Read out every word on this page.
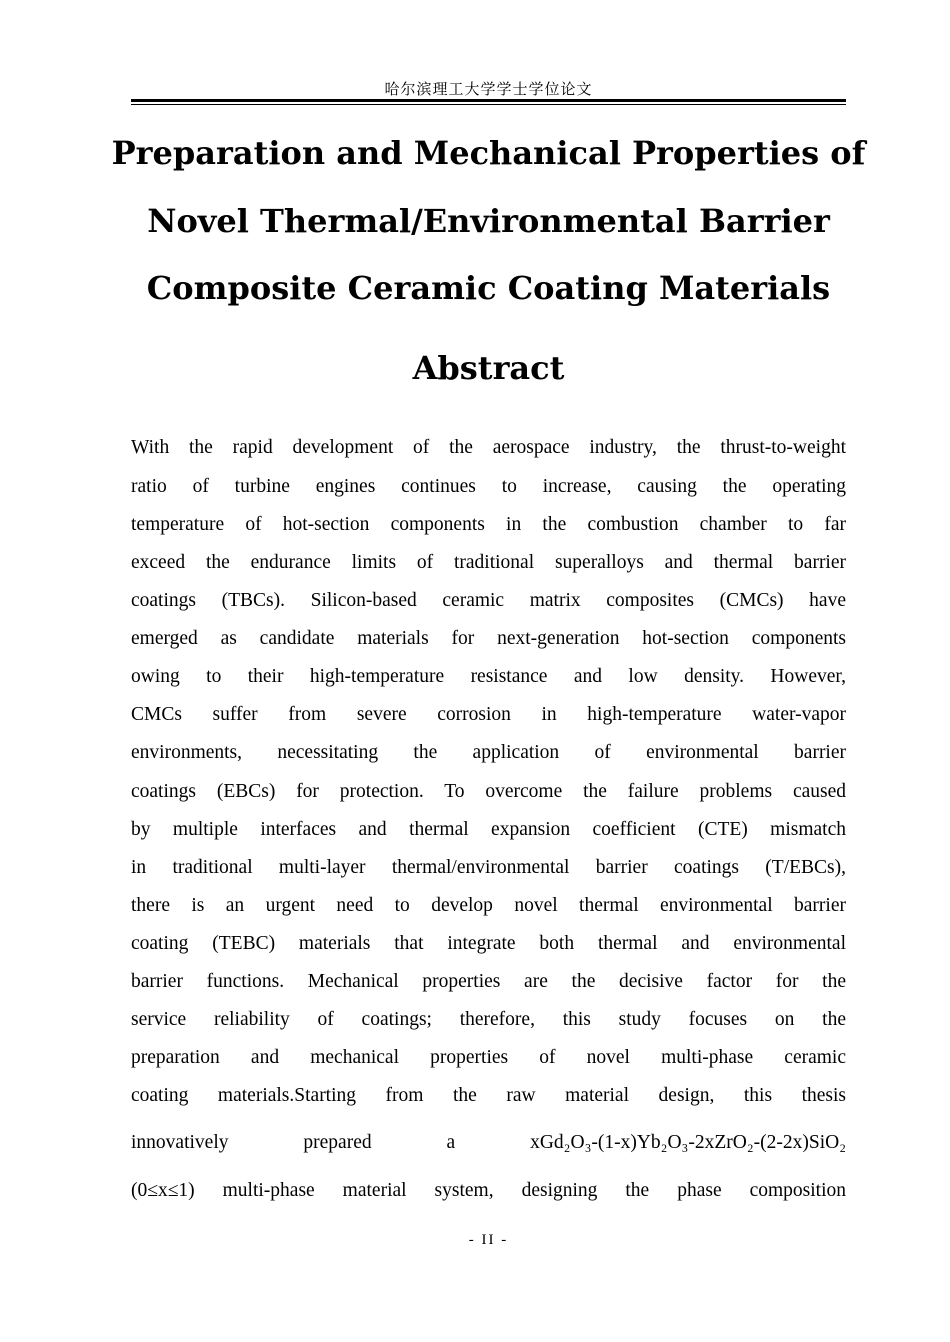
哈尔滨理工大学学士学位论文
Preparation and Mechanical Properties of
Novel Thermal/Environmental Barrier
Composite Ceramic Coating Materials
Abstract
With the rapid development of the aerospace industry, the thrust-to-weight
ratio of turbine engines continues to increase, causing the operating
temperature of hot-section components in the combustion chamber to far
exceed the endurance limits of traditional superalloys and thermal barrier
coatings (TBCs). Silicon-based ceramic matrix composites (CMCs) have
emerged as candidate materials for next-generation hot-section components
owing to their high-temperature resistance and low density. However,
CMCs suffer from severe corrosion in high-temperature water-vapor
environments, necessitating the application of environmental barrier
coatings (EBCs) for protection. To overcome the failure problems caused
by multiple interfaces and thermal expansion coefficient (CTE) mismatch
in traditional multi-layer thermal/environmental barrier coatings (T/EBCs),
there is an urgent need to develop novel thermal environmental barrier
coating (TEBC) materials that integrate both thermal and environmental
barrier functions. Mechanical properties are the decisive factor for the
service reliability of coatings; therefore, this study focuses on the
preparation and mechanical properties of novel multi-phase ceramic
coating materials.Starting from the raw material design, this thesis
innovatively prepared a xGd₂O₃-(1-x)Yb₂O₃-2xZrO₂-(2-2x)SiO₂
(0≤x≤1) multi-phase material system, designing the phase composition
- II -
